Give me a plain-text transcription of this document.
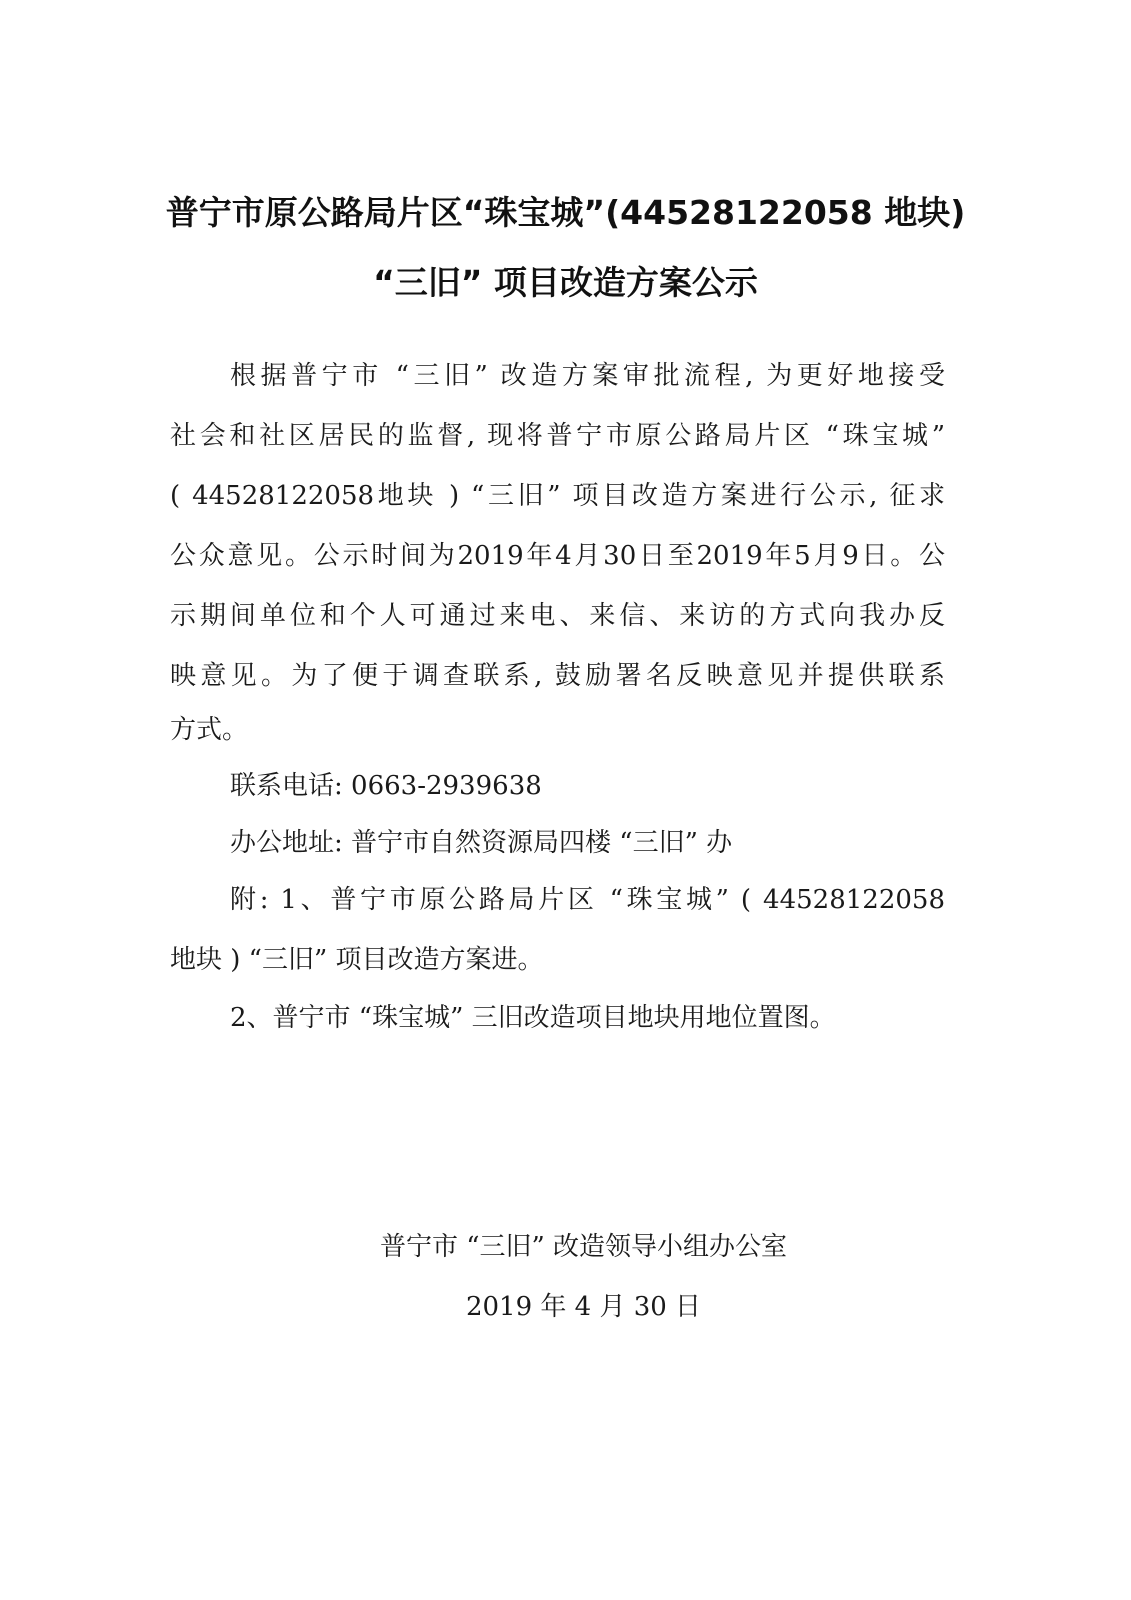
普宁市原公路局片区“珠宝城”(44528122058 地块)
“三旧” 项目改造方案公示
根据普宁市 “三旧” 改造方案审批流程, 为更好地接受
社会和社区居民的监督, 现将普宁市原公路局片区 “珠宝城”
( 44528122058地块 ) “三旧” 项目改造方案进行公示, 征求
公众意见。公示时间为2019年4月30日至2019年5月9日。公
示期间单位和个人可通过来电、来信、来访的方式向我办反
映意见。为了便于调查联系, 鼓励署名反映意见并提供联系
方式。
联系电话: 0663-2939638
办公地址: 普宁市自然资源局四楼 “三旧” 办
附: 1、普宁市原公路局片区 “珠宝城” ( 44528122058
地块 ) “三旧” 项目改造方案进。
2、普宁市 “珠宝城” 三旧改造项目地块用地位置图。
普宁市 “三旧” 改造领导小组办公室
2019 年 4 月 30 日
